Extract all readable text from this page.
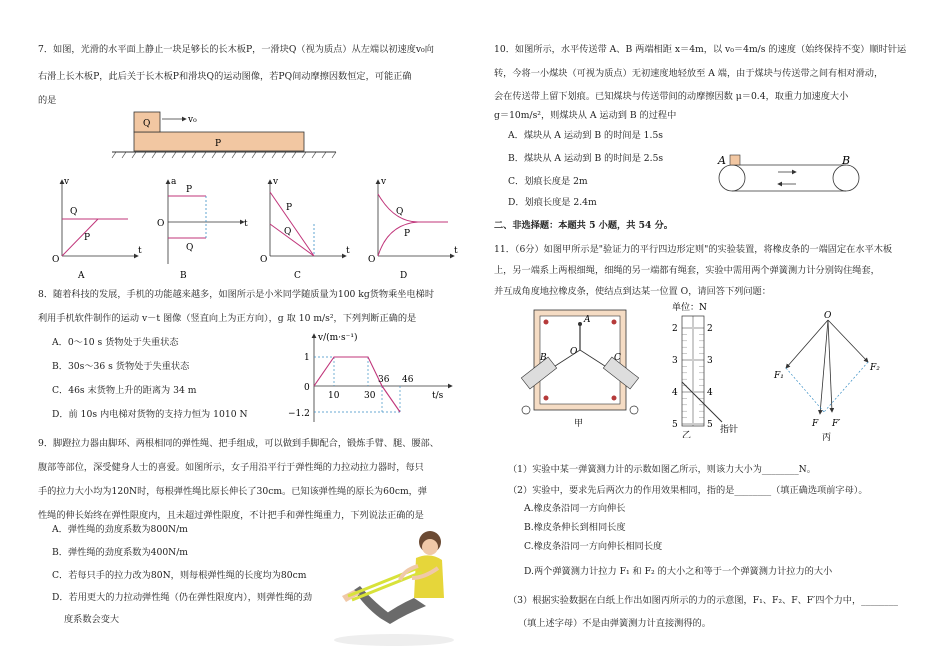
7．如图，光滑的水平面上静止一块足够长的长木板P，一滑块Q（视为质点）从左端以初速度v₀向
右滑上长木板P，此后关于长木板P和滑块Q的运动图像，若PQ间动摩擦因数恒定，可能正确
的是
Q
P
v₀
v
O
t
Q
P
A
a
O	t
P
Q
B
v
O
t
P
Q
C
v
O
t
Q
P
D
8．随着科技的发展，手机的功能越来越多，如图所示是小米同学随质量为100 kg货物乘坐电梯时
利用手机软件制作的运动 v－t 图像（竖直向上为正方向），g 取 10 m/s²，下列判断正确的是
A．0～10 s 货物处于失重状态
B．30s～36 s 货物处于失重状态
C．46s 末货物上升的距离为 34 m
D．前 10s 内电梯对货物的支持力恒为 1010 N
v/(m·s⁻¹)
1
0
−1.2
10	30
36 46
t/s
9．脚蹬拉力器由脚环、两根相同的弹性绳、把手组成，可以做到手脚配合，锻炼手臂、腿、腰部、
腹部等部位，深受健身人士的喜爱。如图所示，女子用沿平行于弹性绳的力拉动拉力器时，每只
手的拉力大小均为120N时，每根弹性绳比原长伸长了30cm。已知该弹性绳的原长为60cm，弹
性绳的伸长始终在弹性限度内，且未超过弹性限度，不计把手和弹性绳重力，下列说法正确的是
A．弹性绳的劲度系数为800N/m
B．弹性绳的劲度系数为400N/m
C．若每只手的拉力改为80N，则每根弹性绳的长度均为80cm
D．若用更大的力拉动弹性绳（仍在弹性限度内），则弹性绳的劲
度系数会变大
10．如图所示，水平传送带 A、B 两端相距 x＝4m，以 v₀＝4m/s 的速度（始终保持不变）顺时针运
转，今将一小煤块（可视为质点）无初速度地轻放至 A 端，由于煤块与传送带之间有相对滑动，
会在传送带上留下划痕。已知煤块与传送带间的动摩擦因数 μ＝0.4，取重力加速度大小
g＝10m/s²，则煤块从 A 运动到 B 的过程中
A．煤块从 A 运动到 B 的时间是 1.5s
B．煤块从 A 运动到 B 的时间是 2.5s
C．划痕长度是 2m
D．划痕长度是 2.4m
A	B
二、非选择题：本题共 5 小题，共 54 分。
11．（6分）如图甲所示是"验证力的平行四边形定则"的实验装置，将橡皮条的一端固定在水平木板
上，另一端系上两根细绳，细绳的另一端都有绳套，实验中需用两个弹簧测力计分别钩住绳套，
并互成角度地拉橡皮条，使结点到达某一位置 O，请回答下列问题：
A
B	C
O
甲
单位：N
2	2
3	3
4	4
5	5 指针
乙
O
F₁
F₂
F F′
丙
（1）实验中某一弹簧测力计的示数如图乙所示，则该力大小为________N。
（2）实验中，要求先后两次力的作用效果相同，指的是________（填正确选项前字母）。
A.橡皮条沿同一方向伸长
B.橡皮条伸长到相同长度
C.橡皮条沿同一方向伸长相同长度
D.两个弹簧测力计拉力 F₁ 和 F₂ 的大小之和等于一个弹簧测力计拉力的大小
（3）根据实验数据在白纸上作出如图丙所示的力的示意图，F₁、F₂、F、F′四个力中，________
（填上述字母）不是由弹簧测力计直接测得的。
